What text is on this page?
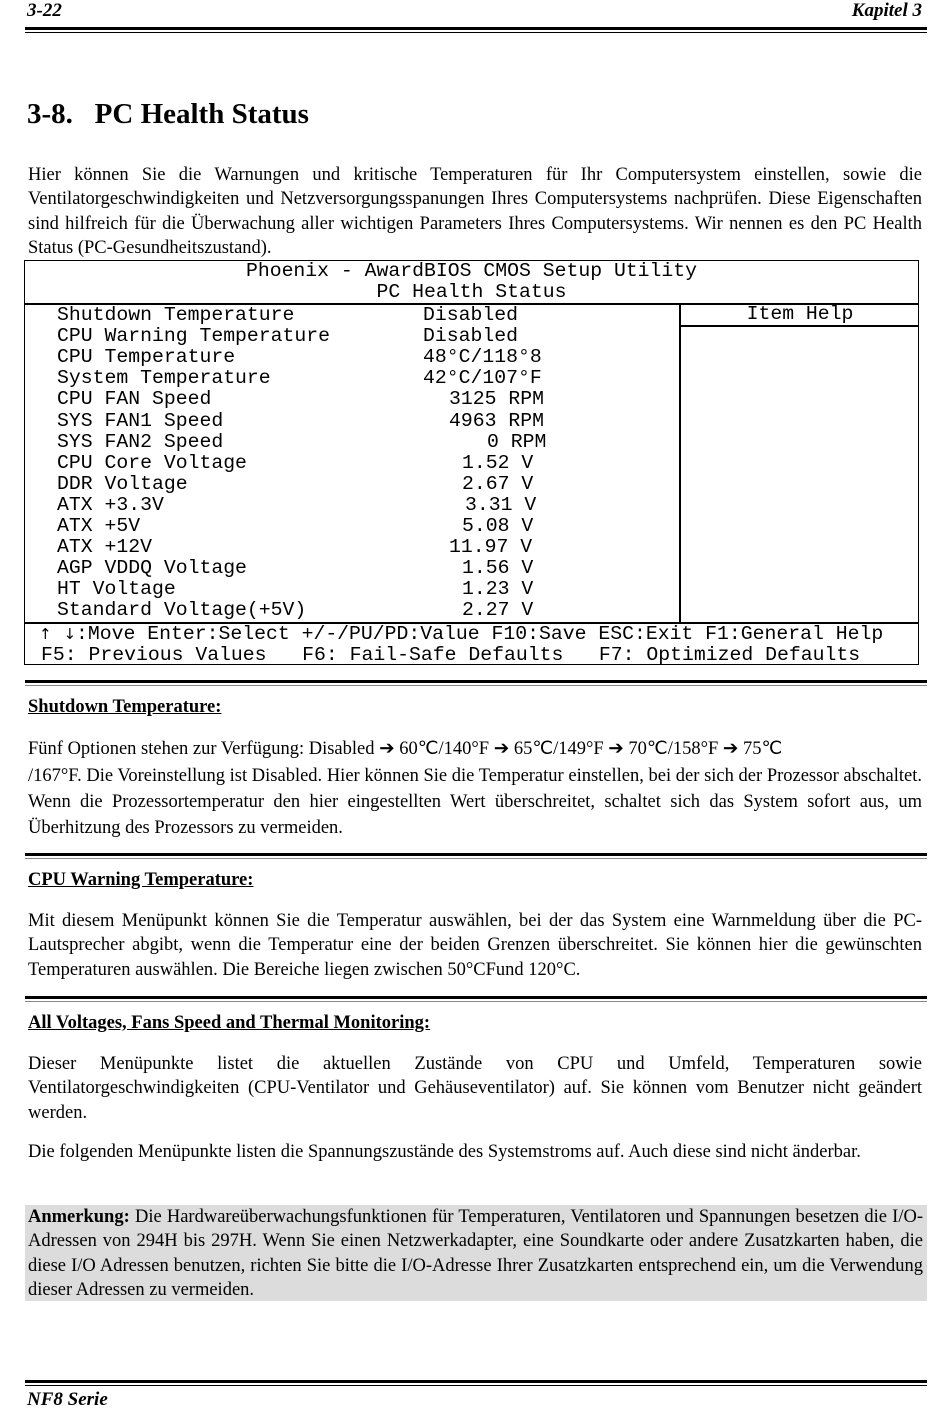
3-22	Kapitel 3
3-8.   PC Health Status
Hier können Sie die Warnungen und kritische Temperaturen für Ihr Computersystem einstellen, sowie die Ventilatorgeschwindigkeiten und Netzversorgungsspanungen Ihres Computersystems nachprüfen. Diese Eigenschaften sind hilfreich für die Überwachung aller wichtigen Parameters Ihres Computersystems. Wir nennen es den PC Health Status (PC-Gesundheitszustand).
Phoenix - AwardBIOS CMOS Setup Utility
PC Health Status
Item Help
Shutdown Temperature	Disabled
CPU Warning Temperature	Disabled
CPU Temperature	48°C/118°8
System Temperature	42°C/107°F
CPU FAN Speed	3125 RPM
SYS FAN1 Speed	4963 RPM
SYS FAN2 Speed	0 RPM
CPU Core Voltage	1.52 V
DDR Voltage	2.67 V
ATX +3.3V	3.31 V
ATX +5V	5.08 V
ATX +12V	11.97 V
AGP VDDQ Voltage	1.56 V
HT Voltage	1.23 V
Standard Voltage(+5V)	2.27 V
↑ ↓:Move Enter:Select +/-/PU/PD:Value F10:Save ESC:Exit F1:General Help
F5: Previous Values   F6: Fail-Safe Defaults   F7: Optimized Defaults
Shutdown Temperature:
Fünf Optionen stehen zur Verfügung: Disabled ➔ 60℃/140°F ➔ 65℃/149°F ➔ 70℃/158°F ➔ 75℃
/167°F. Die Voreinstellung ist Disabled. Hier können Sie die Temperatur einstellen, bei der sich der Prozessor abschaltet. Wenn die Prozessortemperatur den hier eingestellten Wert überschreitet, schaltet sich das System sofort aus, um Überhitzung des Prozessors zu vermeiden.
CPU Warning Temperature:
Mit diesem Menüpunkt können Sie die Temperatur auswählen, bei der das System eine Warnmeldung über die PC-Lautsprecher abgibt, wenn die Temperatur eine der beiden Grenzen überschreitet. Sie können hier die gewünschten Temperaturen auswählen. Die Bereiche liegen zwischen 50°CFund 120°C.
All Voltages, Fans Speed and Thermal Monitoring:
Dieser Menüpunkte listet die aktuellen Zustände von CPU und Umfeld, Temperaturen sowie Ventilatorgeschwindigkeiten (CPU-Ventilator und Gehäuseventilator) auf. Sie können vom Benutzer nicht geändert werden.
Die folgenden Menüpunkte listen die Spannungszustände des Systemstroms auf. Auch diese sind nicht änderbar.
Anmerkung: Die Hardwareüberwachungsfunktionen für Temperaturen, Ventilatoren und Spannungen besetzen die I/O-Adressen von 294H bis 297H. Wenn Sie einen Netzwerkadapter, eine Soundkarte oder andere Zusatzkarten haben, die diese I/O Adressen benutzen, richten Sie bitte die I/O-Adresse Ihrer Zusatzkarten entsprechend ein, um die Verwendung dieser Adressen zu vermeiden.
NF8 Serie
